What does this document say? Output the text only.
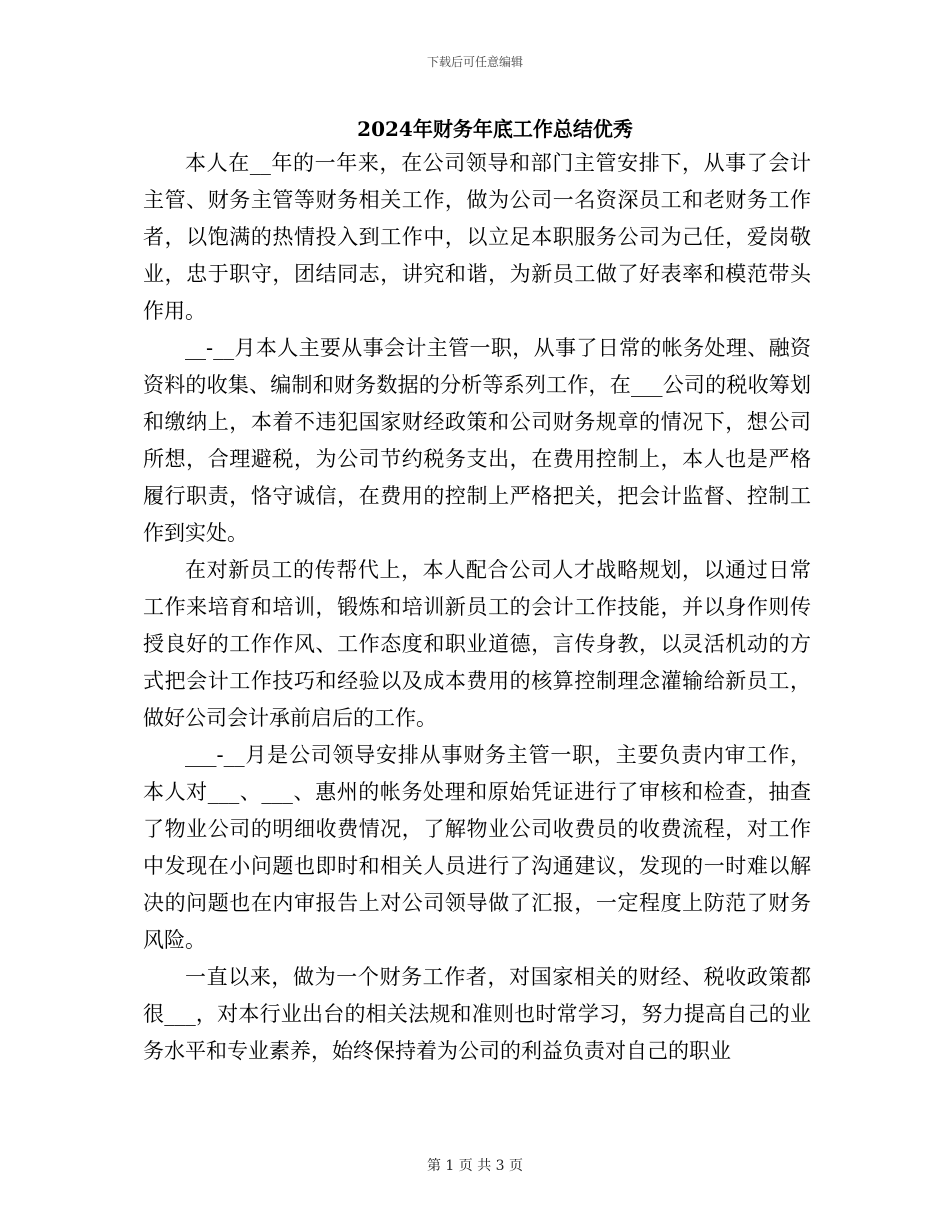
下载后可任意编辑
2024年财务年底工作总结优秀

本人在__年的一年来，在公司领导和部门主管安排下，从事了会计主管、财务主管等财务相关工作，做为公司一名资深员工和老财务工作者，以饱满的热情投入到工作中，以立足本职服务公司为己任，爱岗敬业，忠于职守，团结同志，讲究和谐，为新员工做了好表率和模范带头作用。

__-__月本人主要从事会计主管一职，从事了日常的帐务处理、融资资料的收集、编制和财务数据的分析等系列工作，在___公司的税收筹划和缴纳上，本着不违犯国家财经政策和公司财务规章的情况下，想公司所想，合理避税，为公司节约税务支出，在费用控制上，本人也是严格履行职责，恪守诚信，在费用的控制上严格把关，把会计监督、控制工作到实处。

在对新员工的传帮代上，本人配合公司人才战略规划，以通过日常工作来培育和培训，锻炼和培训新员工的会计工作技能，并以身作则传授良好的工作作风、工作态度和职业道德，言传身教，以灵活机动的方式把会计工作技巧和经验以及成本费用的核算控制理念灌输给新员工，做好公司会计承前启后的工作。

___-__月是公司领导安排从事财务主管一职，主要负责内审工作，本人对___、___、惠州的帐务处理和原始凭证进行了审核和检查，抽查了物业公司的明细收费情况，了解物业公司收费员的收费流程，对工作中发现在小问题也即时和相关人员进行了沟通建议，发现的一时难以解决的问题也在内审报告上对公司领导做了汇报，一定程度上防范了财务风险。

一直以来，做为一个财务工作者，对国家相关的财经、税收政策都很___，对本行业出台的相关法规和准则也时常学习，努力提高自己的业务水平和专业素养，始终保持着为公司的利益负责对自己的职业

第 1 页 共 3 页
